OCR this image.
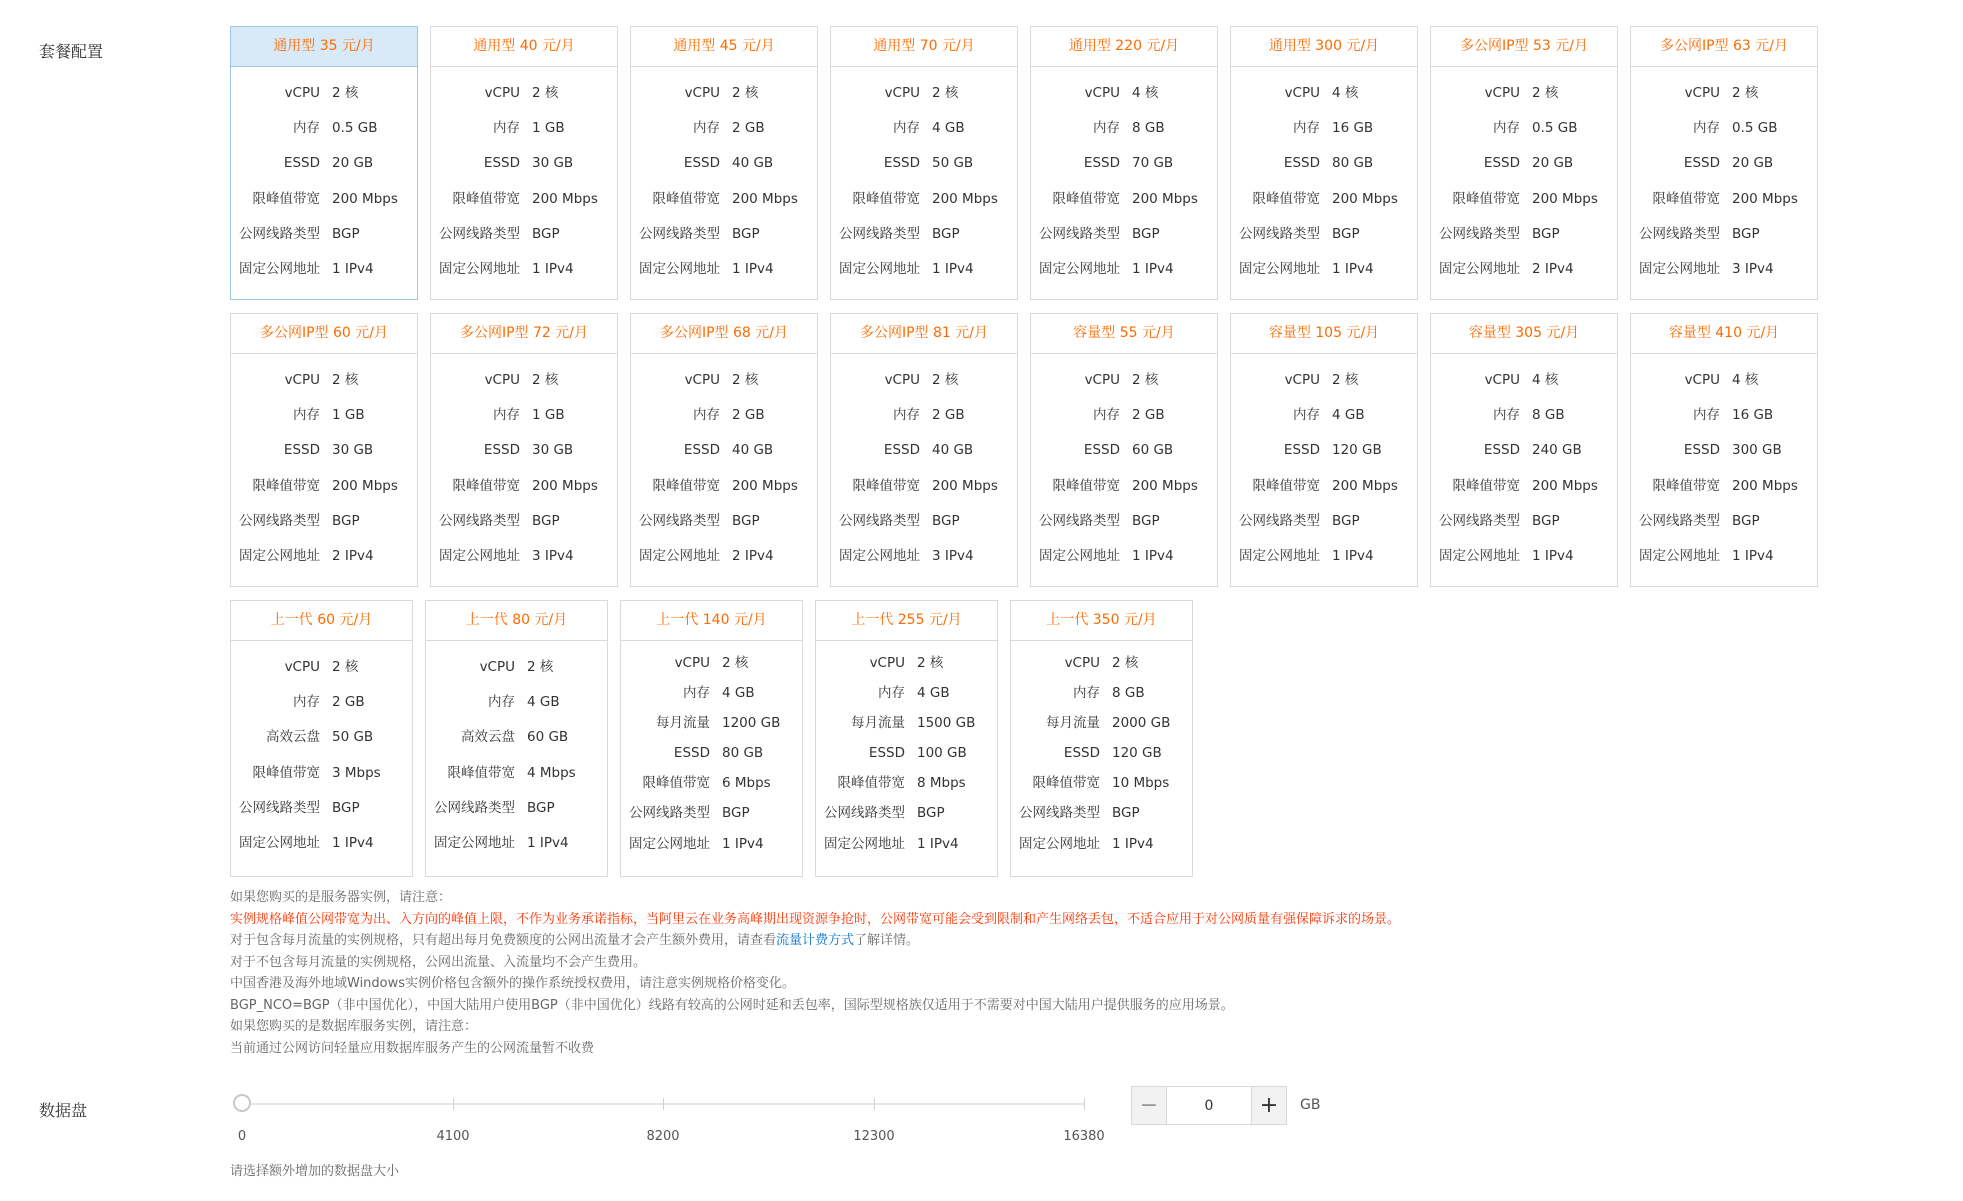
套餐配置	通用型 35 元/月
vCPU 2 核
内存 0.5 GB
ESSD 20 GB
限峰值带宽 200 Mbps
公网线路类型 BGP
固定公网地址 1 IPv4
通用型 40 元/月
vCPU 2 核
内存 1 GB
ESSD 30 GB
限峰值带宽 200 Mbps
公网线路类型 BGP
固定公网地址 1 IPv4
通用型 45 元/月
vCPU 2 核
内存 2 GB
ESSD 40 GB
限峰值带宽 200 Mbps
公网线路类型 BGP
固定公网地址 1 IPv4
通用型 70 元/月
vCPU 2 核
内存 4 GB
ESSD 50 GB
限峰值带宽 200 Mbps
公网线路类型 BGP
固定公网地址 1 IPv4
通用型 220 元/月
vCPU 4 核
内存 8 GB
ESSD 70 GB
限峰值带宽 200 Mbps
公网线路类型 BGP
固定公网地址 1 IPv4
通用型 300 元/月
vCPU 4 核
内存 16 GB
ESSD 80 GB
限峰值带宽 200 Mbps
公网线路类型 BGP
固定公网地址 1 IPv4
多公网IP型 53 元/月
vCPU 2 核
内存 0.5 GB
ESSD 20 GB
限峰值带宽 200 Mbps
公网线路类型 BGP
固定公网地址 2 IPv4
多公网IP型 63 元/月
vCPU 2 核
内存 0.5 GB
ESSD 20 GB
限峰值带宽 200 Mbps
公网线路类型 BGP
固定公网地址 3 IPv4
多公网IP型 60 元/月
vCPU 2 核
内存 1 GB
ESSD 30 GB
限峰值带宽 200 Mbps
公网线路类型 BGP
固定公网地址 2 IPv4
多公网IP型 72 元/月
vCPU 2 核
内存 1 GB
ESSD 30 GB
限峰值带宽 200 Mbps
公网线路类型 BGP
固定公网地址 3 IPv4
多公网IP型 68 元/月
vCPU 2 核
内存 2 GB
ESSD 40 GB
限峰值带宽 200 Mbps
公网线路类型 BGP
固定公网地址 2 IPv4
多公网IP型 81 元/月
vCPU 2 核
内存 2 GB
ESSD 40 GB
限峰值带宽 200 Mbps
公网线路类型 BGP
固定公网地址 3 IPv4
容量型 55 元/月
vCPU 2 核
内存 2 GB
ESSD 60 GB
限峰值带宽 200 Mbps
公网线路类型 BGP
固定公网地址 1 IPv4
容量型 105 元/月
vCPU 2 核
内存 4 GB
ESSD 120 GB
限峰值带宽 200 Mbps
公网线路类型 BGP
固定公网地址 1 IPv4
容量型 305 元/月
vCPU 4 核
内存 8 GB
ESSD 240 GB
限峰值带宽 200 Mbps
公网线路类型 BGP
固定公网地址 1 IPv4
容量型 410 元/月
vCPU 4 核
内存 16 GB
ESSD 300 GB
限峰值带宽 200 Mbps
公网线路类型 BGP
固定公网地址 1 IPv4
上一代 60 元/月
vCPU 2 核
内存 2 GB
高效云盘 50 GB
限峰值带宽 3 Mbps
公网线路类型 BGP
固定公网地址 1 IPv4
上一代 80 元/月
vCPU 2 核
内存 4 GB
高效云盘 60 GB
限峰值带宽 4 Mbps
公网线路类型 BGP
固定公网地址 1 IPv4
上一代 140 元/月
vCPU 2 核
内存 4 GB
每月流量 1200 GB
ESSD 80 GB
限峰值带宽 6 Mbps
公网线路类型 BGP
固定公网地址 1 IPv4
上一代 255 元/月
vCPU 2 核
内存 4 GB
每月流量 1500 GB
ESSD 100 GB
限峰值带宽 8 Mbps
公网线路类型 BGP
固定公网地址 1 IPv4
上一代 350 元/月
vCPU 2 核
内存 8 GB
每月流量 2000 GB
ESSD 120 GB
限峰值带宽 10 Mbps
公网线路类型 BGP
固定公网地址 1 IPv4
如果您购买的是服务器实例，请注意：
实例规格峰值公网带宽为出、入方向的峰值上限，不作为业务承诺指标，当阿里云在业务高峰期出现资源争抢时，公网带宽可能会受到限制和产生网络丢包，不适合应用于对公网质量有强保障诉求的场景。
对于包含每月流量的实例规格，只有超出每月免费额度的公网出流量才会产生额外费用，请查看流量计费方式了解详情。
对于不包含每月流量的实例规格，公网出流量、入流量均不会产生费用。
中国香港及海外地域Windows实例价格包含额外的操作系统授权费用，请注意实例规格价格变化。
BGP_NCO=BGP（非中国优化），中国大陆用户使用BGP（非中国优化）线路有较高的公网时延和丢包率，国际型规格族仅适用于不需要对中国大陆用户提供服务的应用场景。
如果您购买的是数据库服务实例，请注意：
当前通过公网访问轻量应用数据库服务产生的公网流量暂不收费
数据盘
0	4100	8200	12300	16380
−
0	+	GB
请选择额外增加的数据盘大小
